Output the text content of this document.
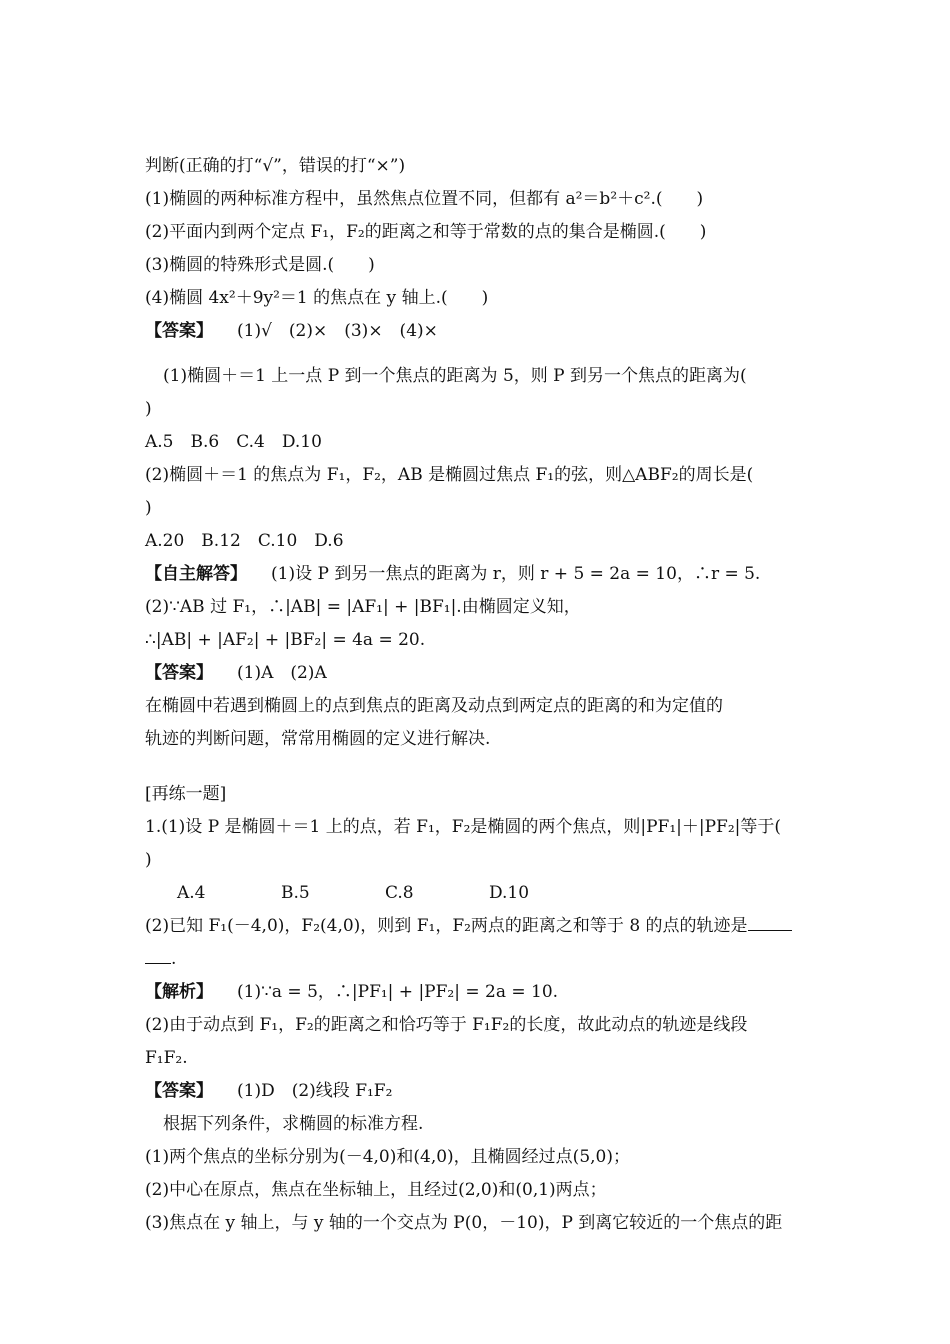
判断(正确的打“√”，错误的打“×”)
(1)椭圆的两种标准方程中，虽然焦点位置不同，但都有 a²＝b²＋c².(　　)
(2)平面内到两个定点 F₁，F₂的距离之和等于常数的点的集合是椭圆.(　　)
(3)椭圆的特殊形式是圆.(　　)
(4)椭圆 4x²＋9y²＝1 的焦点在 y 轴上.(　　)
【答案】 (1)√　(2)×　(3)×　(4)×
(1)椭圆＋＝1 上一点 P 到一个焦点的距离为 5，则 P 到另一个焦点的距离为(
)
A.5　B.6　C.4　D.10
(2)椭圆＋＝1 的焦点为 F₁，F₂，AB 是椭圆过焦点 F₁的弦，则△ABF₂的周长是(
)
A.20　B.12　C.10　D.6
【自主解答】 (1)设 P 到另一焦点的距离为 r，则 r + 5 = 2a = 10，∴r = 5.
(2)∵AB 过 F₁，∴|AB| = |AF₁| + |BF₁|.由椭圆定义知，
∴|AB| + |AF₂| + |BF₂| = 4a = 20.
【答案】 (1)A　(2)A
在椭圆中若遇到椭圆上的点到焦点的距离及动点到两定点的距离的和为定值的
轨迹的判断问题，常常用椭圆的定义进行解决.
[再练一题]
1.(1)设 P 是椭圆＋＝1 上的点，若 F₁，F₂是椭圆的两个焦点，则|PF₁|＋|PF₂|等于(
)
A.4	B.5	C.8	D.10
(2)已知 F₁(－4,0)，F₂(4,0)，则到 F₁，F₂两点的距离之和等于 8 的点的轨迹是
.
【解析】 (1)∵a = 5，∴|PF₁| + |PF₂| = 2a = 10.
(2)由于动点到 F₁，F₂的距离之和恰巧等于 F₁F₂的长度，故此动点的轨迹是线段
F₁F₂.
【答案】 (1)D　(2)线段 F₁F₂
根据下列条件，求椭圆的标准方程.
(1)两个焦点的坐标分别为(－4,0)和(4,0)，且椭圆经过点(5,0)；
(2)中心在原点，焦点在坐标轴上，且经过(2,0)和(0,1)两点；
(3)焦点在 y 轴上，与 y 轴的一个交点为 P(0，－10)，P 到离它较近的一个焦点的距
